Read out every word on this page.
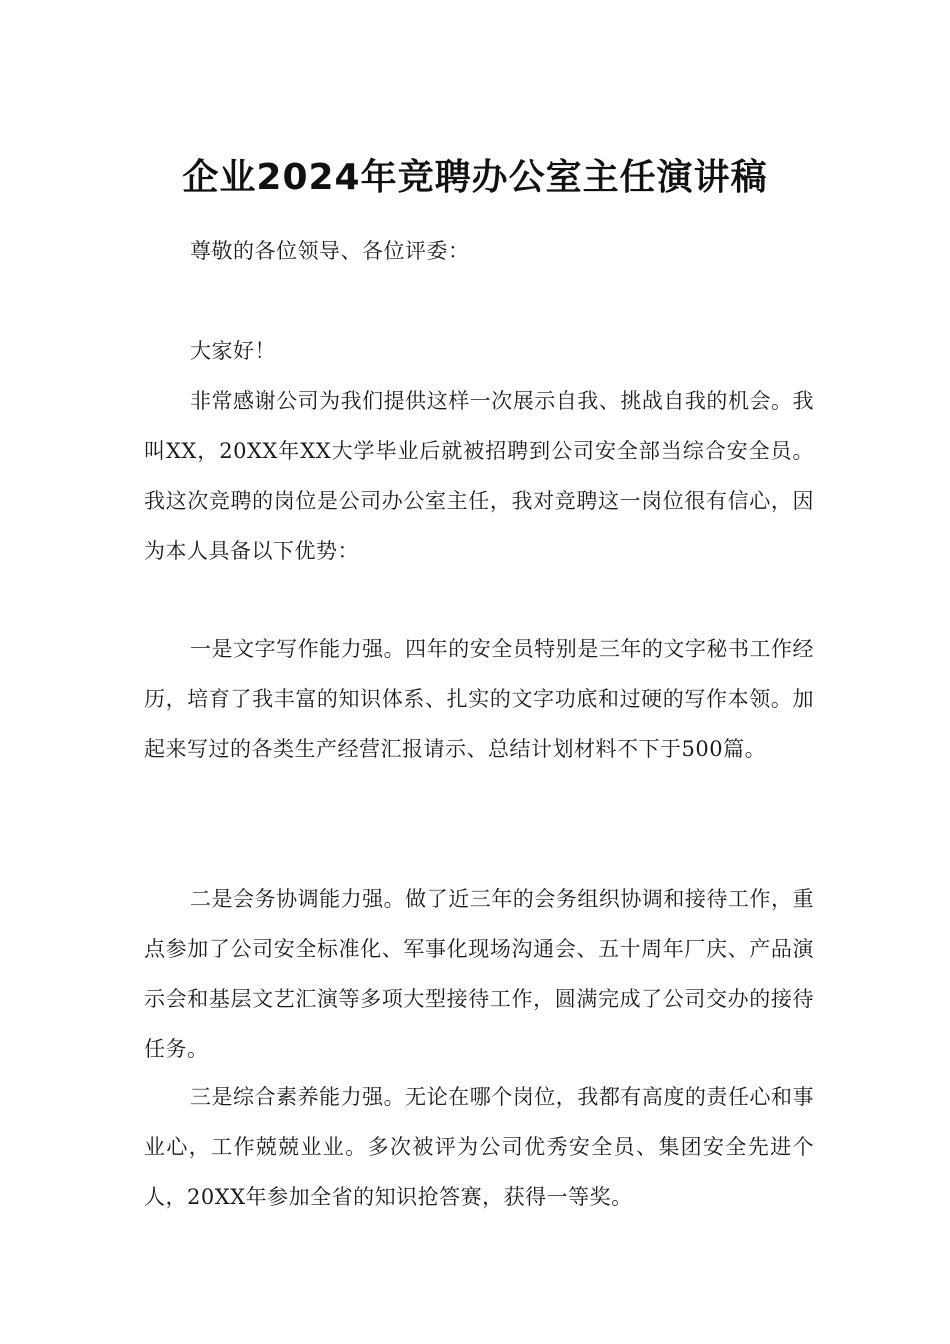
企业2024年竞聘办公室主任演讲稿

尊敬的各位领导、各位评委：

大家好！

非常感谢公司为我们提供这样一次展示自我、挑战自我的机会。我叫XX，20XX年XX大学毕业后就被招聘到公司安全部当综合安全员。我这次竞聘的岗位是公司办公室主任，我对竞聘这一岗位很有信心，因为本人具备以下优势：

一是文字写作能力强。四年的安全员特别是三年的文字秘书工作经历，培育了我丰富的知识体系、扎实的文字功底和过硬的写作本领。加起来写过的各类生产经营汇报请示、总结计划材料不下于500篇。

二是会务协调能力强。做了近三年的会务组织协调和接待工作，重点参加了公司安全标准化、军事化现场沟通会、五十周年厂庆、产品演示会和基层文艺汇演等多项大型接待工作，圆满完成了公司交办的接待任务。

三是综合素养能力强。无论在哪个岗位，我都有高度的责任心和事业心，工作兢兢业业。多次被评为公司优秀安全员、集团安全先进个人，20XX年参加全省的知识抢答赛，获得一等奖。
